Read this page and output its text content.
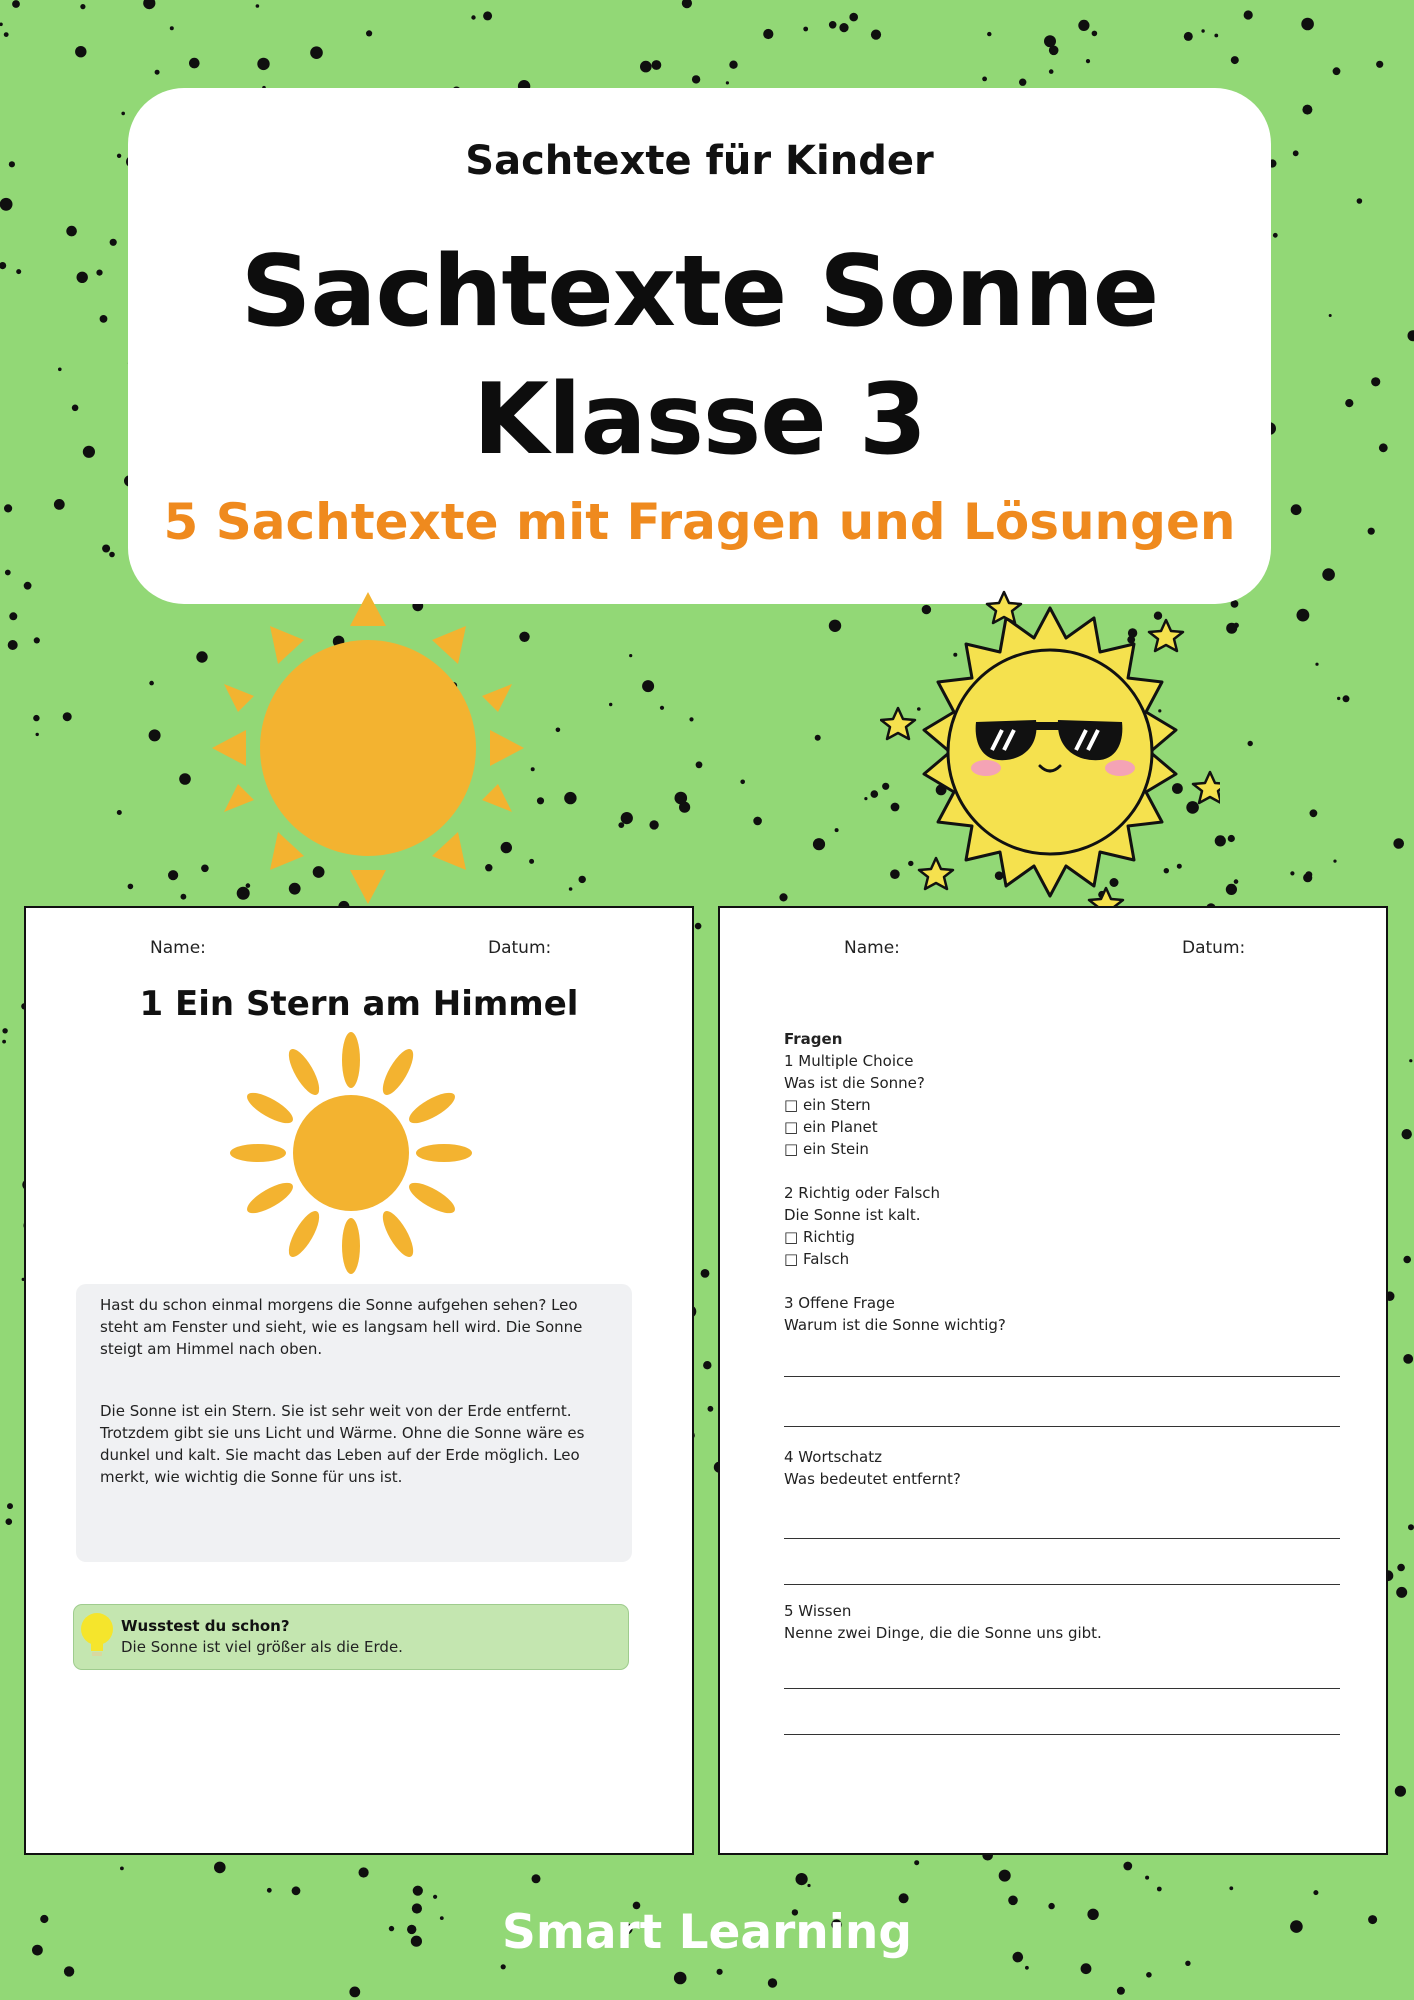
Sachtexte für Kinder
Sachtexte Sonne
Klasse 3
5 Sachtexte mit Fragen und Lösungen
Name:	Datum:
1 Ein Stern am Himmel

Hast du schon einmal morgens die Sonne aufgehen sehen? Leo steht am Fenster und sieht, wie es langsam hell wird. Die Sonne steigt am Himmel nach oben.

Die Sonne ist ein Stern. Sie ist sehr weit von der Erde entfernt. Trotzdem gibt sie uns Licht und Wärme. Ohne die Sonne wäre es dunkel und kalt. Sie macht das Leben auf der Erde möglich. Leo merkt, wie wichtig die Sonne für uns ist.

Wusstest du schon?
Die Sonne ist viel größer als die Erde.
Name:	Datum:
Fragen
1 Multiple Choice
Was ist die Sonne?
□ ein Stern
□ ein Planet
□ ein Stein
2 Richtig oder Falsch
Die Sonne ist kalt.
□ Richtig
□ Falsch
3 Offene Frage
Warum ist die Sonne wichtig?
4 Wortschatz
Was bedeutet entfernt?
5 Wissen
Nenne zwei Dinge, die die Sonne uns gibt.
Smart Learning
